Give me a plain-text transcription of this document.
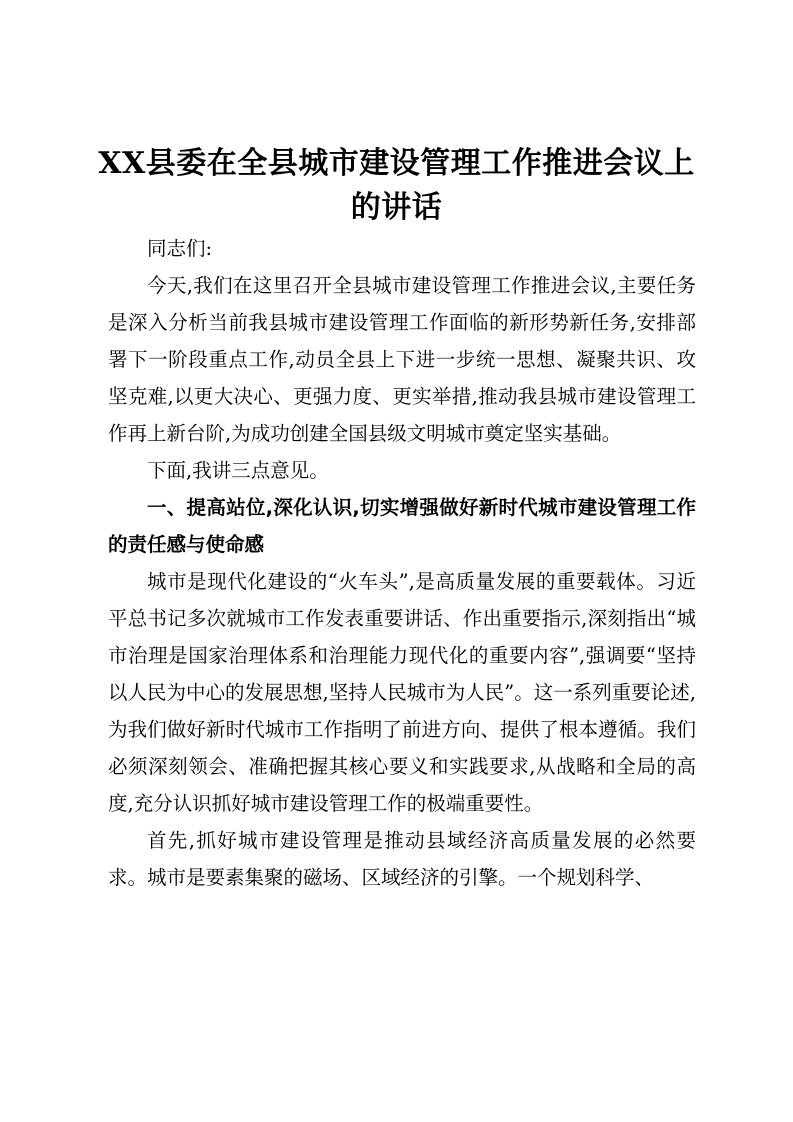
XX县委在全县城市建设管理工作推进会议上
的讲话

同志们:

今天,我们在这里召开全县城市建设管理工作推进会议,主要任务是深入分析当前我县城市建设管理工作面临的新形势新任务,安排部署下一阶段重点工作,动员全县上下进一步统一思想、凝聚共识、攻坚克难,以更大决心、更强力度、更实举措,推动我县城市建设管理工作再上新台阶,为成功创建全国县级文明城市奠定坚实基础。

下面,我讲三点意见。

一、提高站位,深化认识,切实增强做好新时代城市建设管理工作的责任感与使命感

城市是现代化建设的“火车头”,是高质量发展的重要载体。习近平总书记多次就城市工作发表重要讲话、作出重要指示,深刻指出“城市治理是国家治理体系和治理能力现代化的重要内容”,强调要“坚持以人民为中心的发展思想,坚持人民城市为人民”。这一系列重要论述,为我们做好新时代城市工作指明了前进方向、提供了根本遵循。我们必须深刻领会、准确把握其核心要义和实践要求,从战略和全局的高度,充分认识抓好城市建设管理工作的极端重要性。

首先,抓好城市建设管理是推动县域经济高质量发展的必然要求。城市是要素集聚的磁场、区域经济的引擎。一个规划科学、
